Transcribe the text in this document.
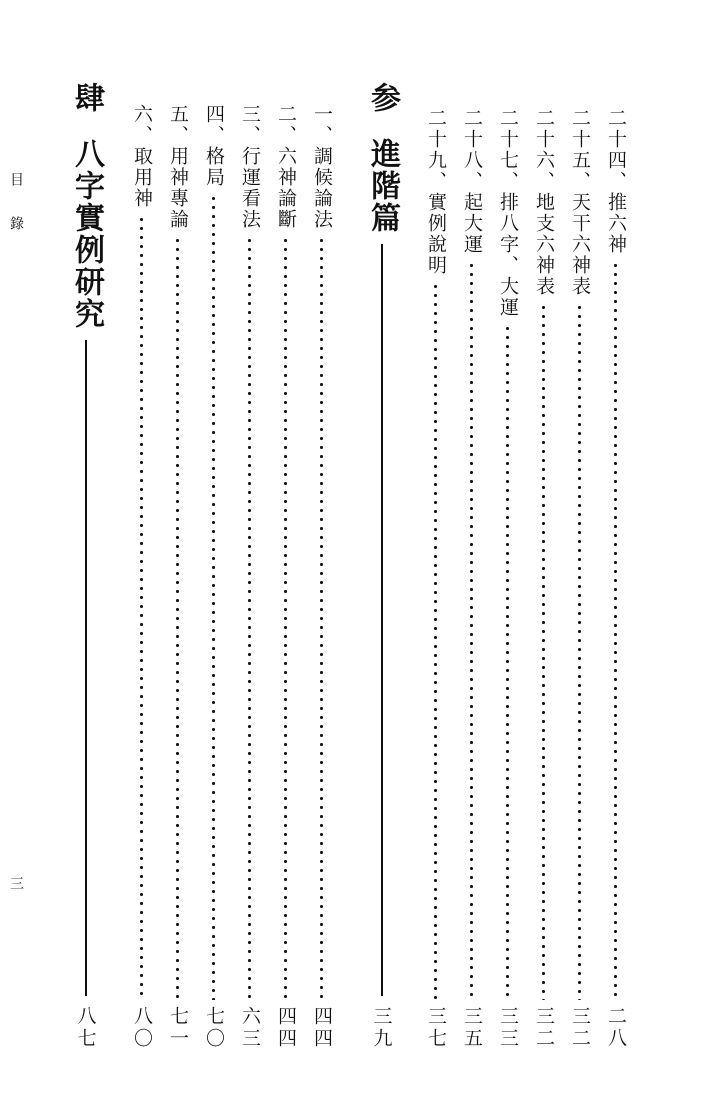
目錄
三
二十四、推六神
二八
二十五、天干六神表
三二
二十六、地支六神表
三二
二十七、排八字、大運
三三
二十八、起大運
三五
二十九、實例說明
三七
参
進階篇
三九
一、調候論法
四四
二、六神論斷
四四
三、行運看法
六三
四、格局
七〇
五、用神專論
七一
六、取用神
八〇
肆
八字實例研究
八七
